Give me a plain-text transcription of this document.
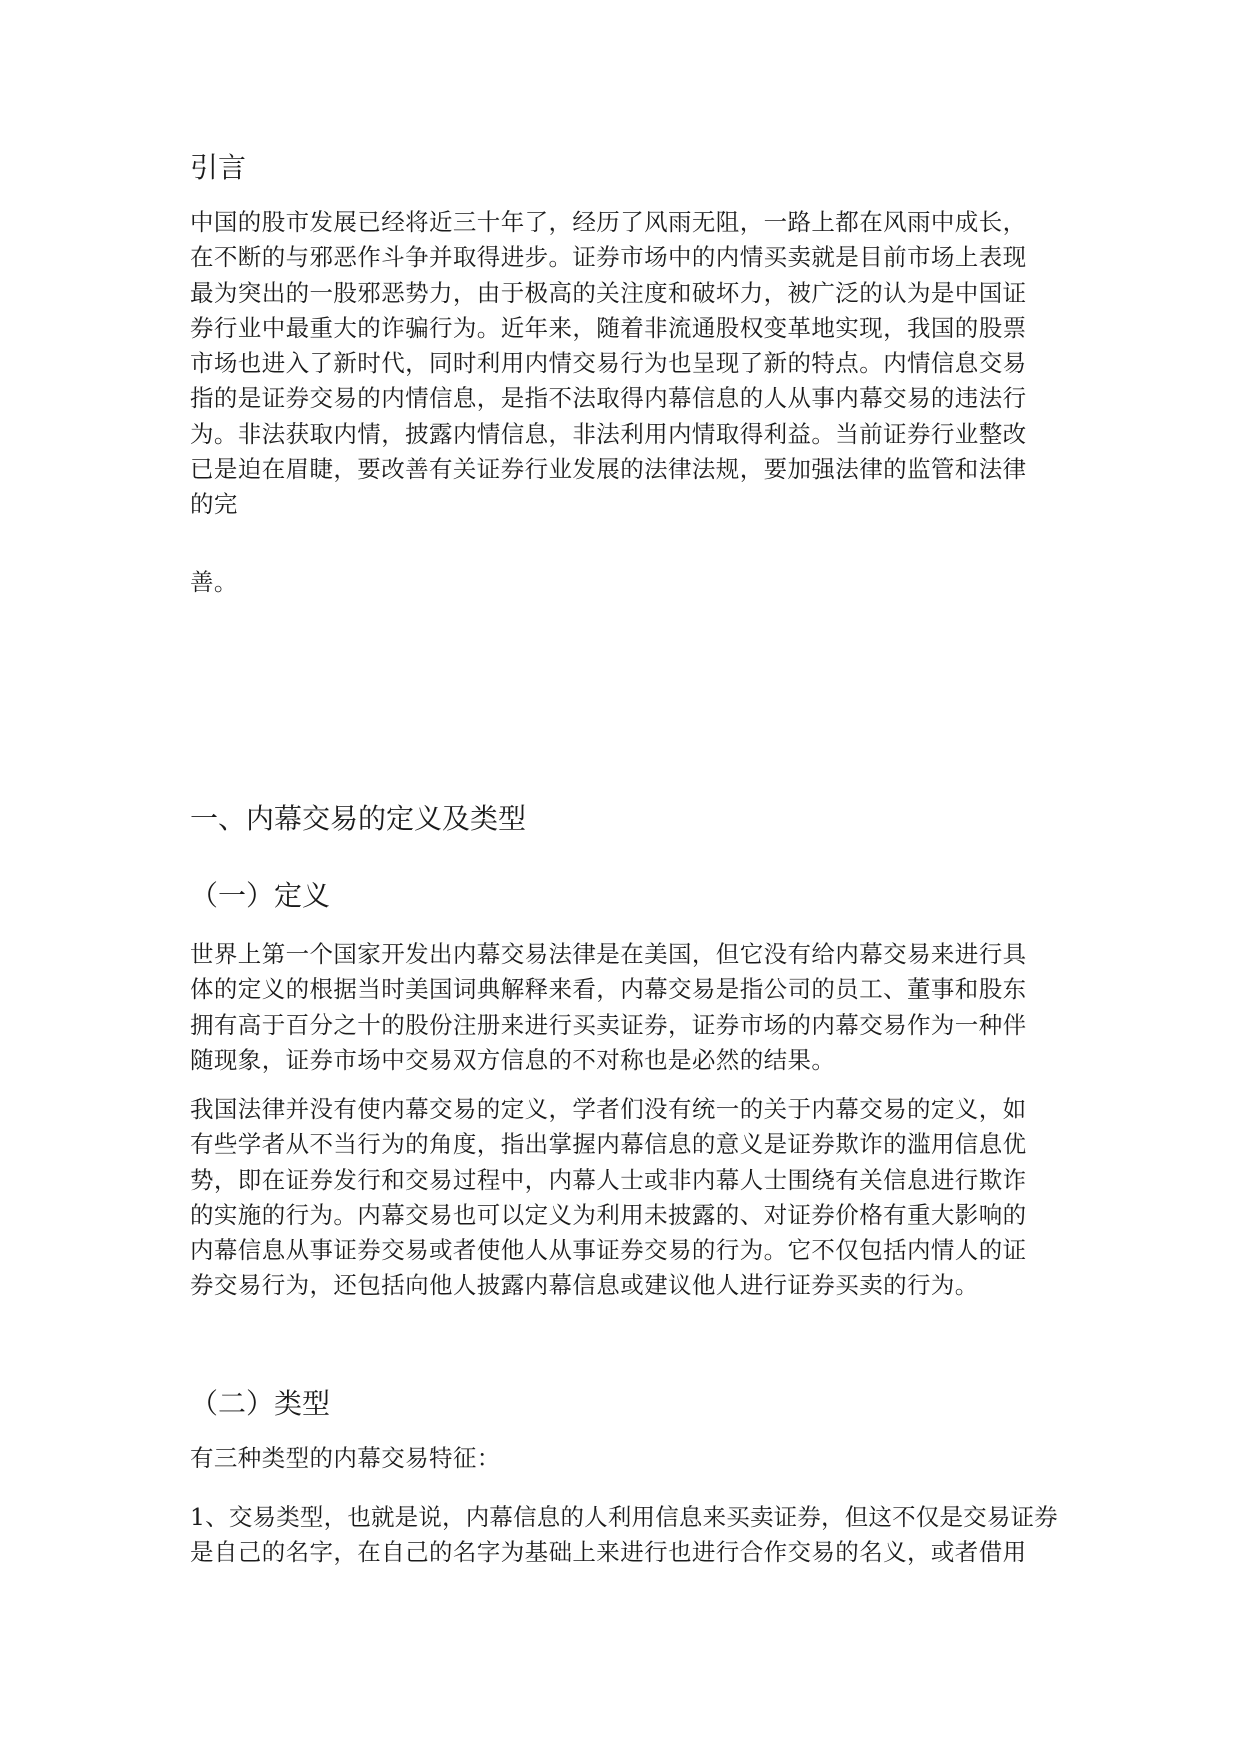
引言
中国的股市发展已经将近三十年了，经历了风雨无阻，一路上都在风雨中成长，
在不断的与邪恶作斗争并取得进步。证券市场中的内情买卖就是目前市场上表现
最为突出的一股邪恶势力，由于极高的关注度和破坏力，被广泛的认为是中国证
券行业中最重大的诈骗行为。近年来，随着非流通股权变革地实现，我国的股票
市场也进入了新时代，同时利用内情交易行为也呈现了新的特点。内情信息交易
指的是证券交易的内情信息，是指不法取得内幕信息的人从事内幕交易的违法行
为。非法获取内情，披露内情信息，非法利用内情取得利益。当前证券行业整改
已是迫在眉睫，要改善有关证券行业发展的法律法规，要加强法律的监管和法律
的完
善。
一、内幕交易的定义及类型
（一）定义
世界上第一个国家开发出内幕交易法律是在美国，但它没有给内幕交易来进行具
体的定义的根据当时美国词典解释来看，内幕交易是指公司的员工、董事和股东
拥有高于百分之十的股份注册来进行买卖证券，证券市场的内幕交易作为一种伴
随现象，证券市场中交易双方信息的不对称也是必然的结果。
我国法律并没有使内幕交易的定义，学者们没有统一的关于内幕交易的定义，如
有些学者从不当行为的角度，指出掌握内幕信息的意义是证券欺诈的滥用信息优
势，即在证券发行和交易过程中，内幕人士或非内幕人士围绕有关信息进行欺诈
的实施的行为。内幕交易也可以定义为利用未披露的、对证券价格有重大影响的
内幕信息从事证券交易或者使他人从事证券交易的行为。它不仅包括内情人的证
券交易行为，还包括向他人披露内幕信息或建议他人进行证券买卖的行为。
（二）类型
有三种类型的内幕交易特征：
1、交易类型，也就是说，内幕信息的人利用信息来买卖证券，但这不仅是交易证券
是自己的名字，在自己的名字为基础上来进行也进行合作交易的名义，或者借用
